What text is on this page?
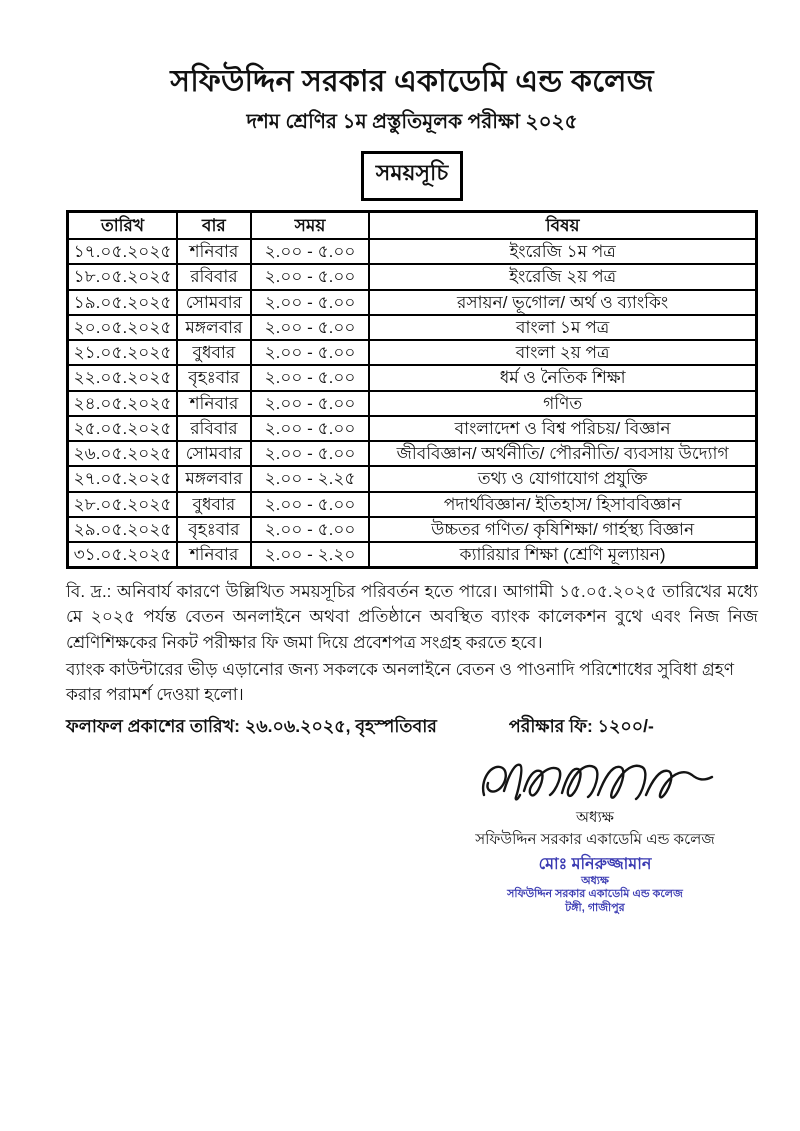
সফিউদ্দিন সরকার একাডেমি এন্ড কলেজ
দশম শ্রেণির ১ম প্রস্তুতিমূলক পরীক্ষা ২০২৫
সময়সূচি
তারিখ	বার	সময়	বিষয়
১৭.০৫.২০২৫	শনিবার	২.০০ - ৫.০০	ইংরেজি ১ম পত্র
১৮.০৫.২০২৫	রবিবার	২.০০ - ৫.০০	ইংরেজি ২য় পত্র
১৯.০৫.২০২৫	সোমবার	২.০০ - ৫.০০	রসায়ন/ ভূগোল/ অর্থ ও ব্যাংকিং
২০.০৫.২০২৫	মঙ্গলবার	২.০০ - ৫.০০	বাংলা ১ম পত্র
২১.০৫.২০২৫	বুধবার	২.০০ - ৫.০০	বাংলা ২য় পত্র
২২.০৫.২০২৫	বৃহঃবার	২.০০ - ৫.০০	ধর্ম ও নৈতিক শিক্ষা
২৪.০৫.২০২৫	শনিবার	২.০০ - ৫.০০	গণিত
২৫.০৫.২০২৫	রবিবার	২.০০ - ৫.০০	বাংলাদেশ ও বিশ্ব পরিচয়/ বিজ্ঞান
২৬.০৫.২০২৫	সোমবার	২.০০ - ৫.০০	জীববিজ্ঞান/ অর্থনীতি/ পৌরনীতি/ ব্যবসায় উদ্যোগ
২৭.০৫.২০২৫	মঙ্গলবার	২.০০ - ২.২৫	তথ্য ও যোগাযোগ প্রযুক্তি
২৮.০৫.২০২৫	বুধবার	২.০০ - ৫.০০	পদার্থবিজ্ঞান/ ইতিহাস/ হিসাববিজ্ঞান
২৯.০৫.২০২৫	বৃহঃবার	২.০০ - ৫.০০	উচ্চতর গণিত/ কৃষিশিক্ষা/ গার্হস্থ্য বিজ্ঞান
৩১.০৫.২০২৫	শনিবার	২.০০ - ২.২০	ক্যারিয়ার শিক্ষা (শ্রেণি মূল্যায়ন)

বি. দ্র.: অনিবার্য কারণে উল্লিখিত সময়সূচির পরিবর্তন হতে পারে। আগামী ১৫.০৫.২০২৫ তারিখের মধ্যে মে ২০২৫ পর্যন্ত বেতন অনলাইনে অথবা প্রতিষ্ঠানে অবস্থিত ব্যাংক কালেকশন বুথে এবং নিজ নিজ শ্রেণিশিক্ষকের নিকট পরীক্ষার ফি জমা দিয়ে প্রবেশপত্র সংগ্রহ করতে হবে।

ব্যাংক কাউন্টারের ভীড় এড়ানোর জন্য সকলকে অনলাইনে বেতন ও পাওনাদি পরিশোধের সুবিধা গ্রহণ করার পরামর্শ দেওয়া হলো।

ফলাফল প্রকাশের তারিখ: ২৬.০৬.২০২৫, বৃহস্পতিবার	পরীক্ষার ফি: ১২০০/-
অধ্যক্ষ
সফিউদ্দিন সরকার একাডেমি এন্ড কলেজ
মোঃ মনিরুজ্জামান
অধ্যক্ষ
সফিউদ্দিন সরকার একাডেমি এন্ড কলেজ
টঙ্গী, গাজীপুর
